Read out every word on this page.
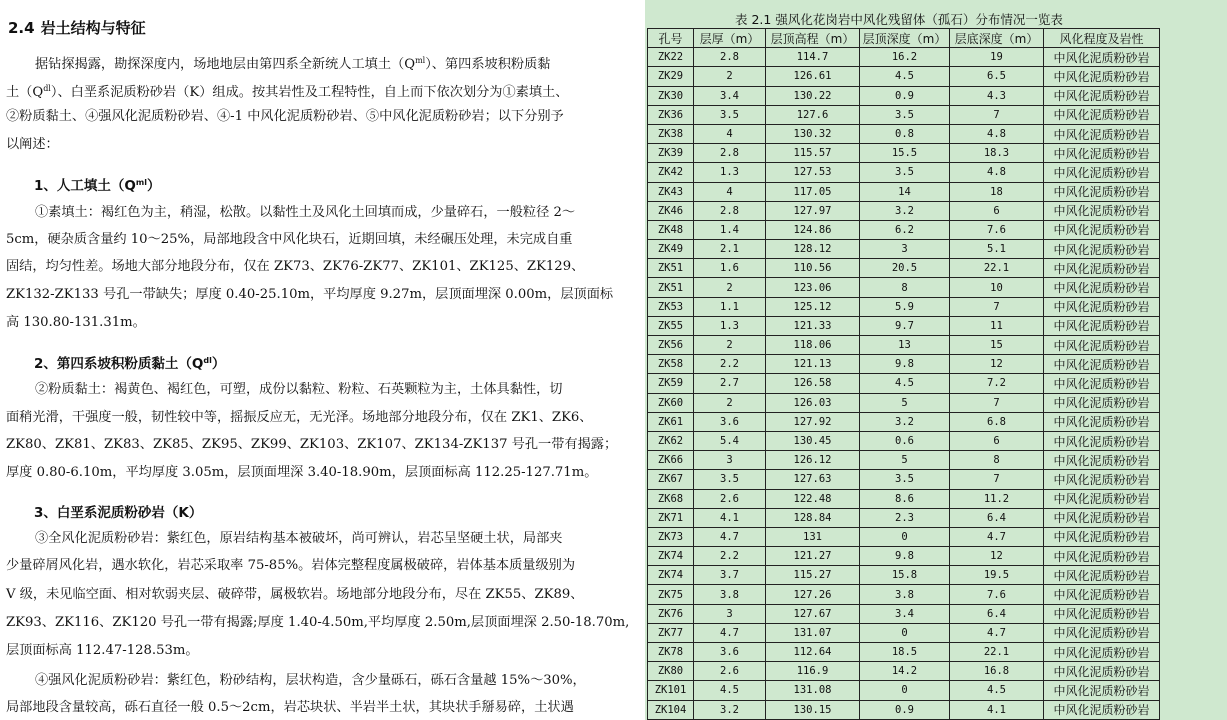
2.4 岩土结构与特征
据钻探揭露，勘探深度内，场地地层由第四系全新统人工填土$(Q^{ml})$、第四系坡积粉质黏
土$(Q^{dl})$、白垩系泥质粉砂岩（K）组成。按其岩性及工程特性，自上而下依次划分为①素填土、
②粉质黏土、④强风化泥质粉砂岩、④-1 中风化泥质粉砂岩、⑤中风化泥质粉砂岩；以下分别予
以阐述：
1、人工填土$(Q^{ml})$
①素填土：褐红色为主，稍湿，松散。以黏性土及风化土回填而成，少量碎石，一般粒径 2～
5cm，硬杂质含量约 10～25%，局部地段含中风化块石，近期回填，未经碾压处理，未完成自重
固结，均匀性差。场地大部分地段分布，仅在 ZK73、ZK76-ZK77、ZK101、ZK125、ZK129、
ZK132-ZK133 号孔一带缺失；厚度 0.40-25.10m，平均厚度 9.27m，层顶面埋深 0.00m，层顶面标
高 130.80-131.31m。
2、第四系坡积粉质黏土$(Q^{dl})$
②粉质黏土：褐黄色、褐红色，可塑，成份以黏粒、粉粒、石英颗粒为主，土体具黏性，切
面稍光滑，干强度一般，韧性较中等，摇振反应无，无光泽。场地部分地段分布，仅在 ZK1、ZK6、
ZK80、ZK81、ZK83、ZK85、ZK95、ZK99、ZK103、ZK107、ZK134-ZK137 号孔一带有揭露；
厚度 0.80-6.10m，平均厚度 3.05m，层顶面埋深 3.40-18.90m，层顶面标高 112.25-127.71m。
3、白垩系泥质粉砂岩（K）
③全风化泥质粉砂岩：紫红色，原岩结构基本被破坏，尚可辨认，岩芯呈坚硬土状，局部夹
少量碎屑风化岩，遇水软化，岩芯采取率 75-85%。岩体完整程度属极破碎，岩体基本质量级别为
V 级，未见临空面、相对软弱夹层、破碎带，属极软岩。场地部分地段分布，尽在 ZK55、ZK89、
ZK93、ZK116、ZK120 号孔一带有揭露;厚度 1.40-4.50m,平均厚度 2.50m,层顶面埋深 2.50-18.70m,
层顶面标高 112.47-128.53m。
④强风化泥质粉砂岩：紫红色，粉砂结构，层状构造，含少量砾石，砾石含量越 15%～30%，
局部地段含量较高，砾石直径一般 0.5～2cm，岩芯块状、半岩半土状，其块状手掰易碎，土状遇
表 2.1 强风化花岗岩中风化残留体（孤石）分布情况一览表
孔号	层厚（m）	层顶高程（m）	层顶深度（m）	层底深度（m）	风化程度及岩性
ZK22	2.8	114.7	16.2	19	中风化泥质粉砂岩
ZK29	2	126.61	4.5	6.5	中风化泥质粉砂岩
ZK30	3.4	130.22	0.9	4.3	中风化泥质粉砂岩
ZK36	3.5	127.6	3.5	7	中风化泥质粉砂岩
ZK38	4	130.32	0.8	4.8	中风化泥质粉砂岩
ZK39	2.8	115.57	15.5	18.3	中风化泥质粉砂岩
ZK42	1.3	127.53	3.5	4.8	中风化泥质粉砂岩
ZK43	4	117.05	14	18	中风化泥质粉砂岩
ZK46	2.8	127.97	3.2	6	中风化泥质粉砂岩
ZK48	1.4	124.86	6.2	7.6	中风化泥质粉砂岩
ZK49	2.1	128.12	3	5.1	中风化泥质粉砂岩
ZK51	1.6	110.56	20.5	22.1	中风化泥质粉砂岩
ZK51	2	123.06	8	10	中风化泥质粉砂岩
ZK53	1.1	125.12	5.9	7	中风化泥质粉砂岩
ZK55	1.3	121.33	9.7	11	中风化泥质粉砂岩
ZK56	2	118.06	13	15	中风化泥质粉砂岩
ZK58	2.2	121.13	9.8	12	中风化泥质粉砂岩
ZK59	2.7	126.58	4.5	7.2	中风化泥质粉砂岩
ZK60	2	126.03	5	7	中风化泥质粉砂岩
ZK61	3.6	127.92	3.2	6.8	中风化泥质粉砂岩
ZK62	5.4	130.45	0.6	6	中风化泥质粉砂岩
ZK66	3	126.12	5	8	中风化泥质粉砂岩
ZK67	3.5	127.63	3.5	7	中风化泥质粉砂岩
ZK68	2.6	122.48	8.6	11.2	中风化泥质粉砂岩
ZK71	4.1	128.84	2.3	6.4	中风化泥质粉砂岩
ZK73	4.7	131	0	4.7	中风化泥质粉砂岩
ZK74	2.2	121.27	9.8	12	中风化泥质粉砂岩
ZK74	3.7	115.27	15.8	19.5	中风化泥质粉砂岩
ZK75	3.8	127.26	3.8	7.6	中风化泥质粉砂岩
ZK76	3	127.67	3.4	6.4	中风化泥质粉砂岩
ZK77	4.7	131.07	0	4.7	中风化泥质粉砂岩
ZK78	3.6	112.64	18.5	22.1	中风化泥质粉砂岩
ZK80	2.6	116.9	14.2	16.8	中风化泥质粉砂岩
ZK101	4.5	131.08	0	4.5	中风化泥质粉砂岩
ZK104	3.2	130.15	0.9	4.1	中风化泥质粉砂岩
